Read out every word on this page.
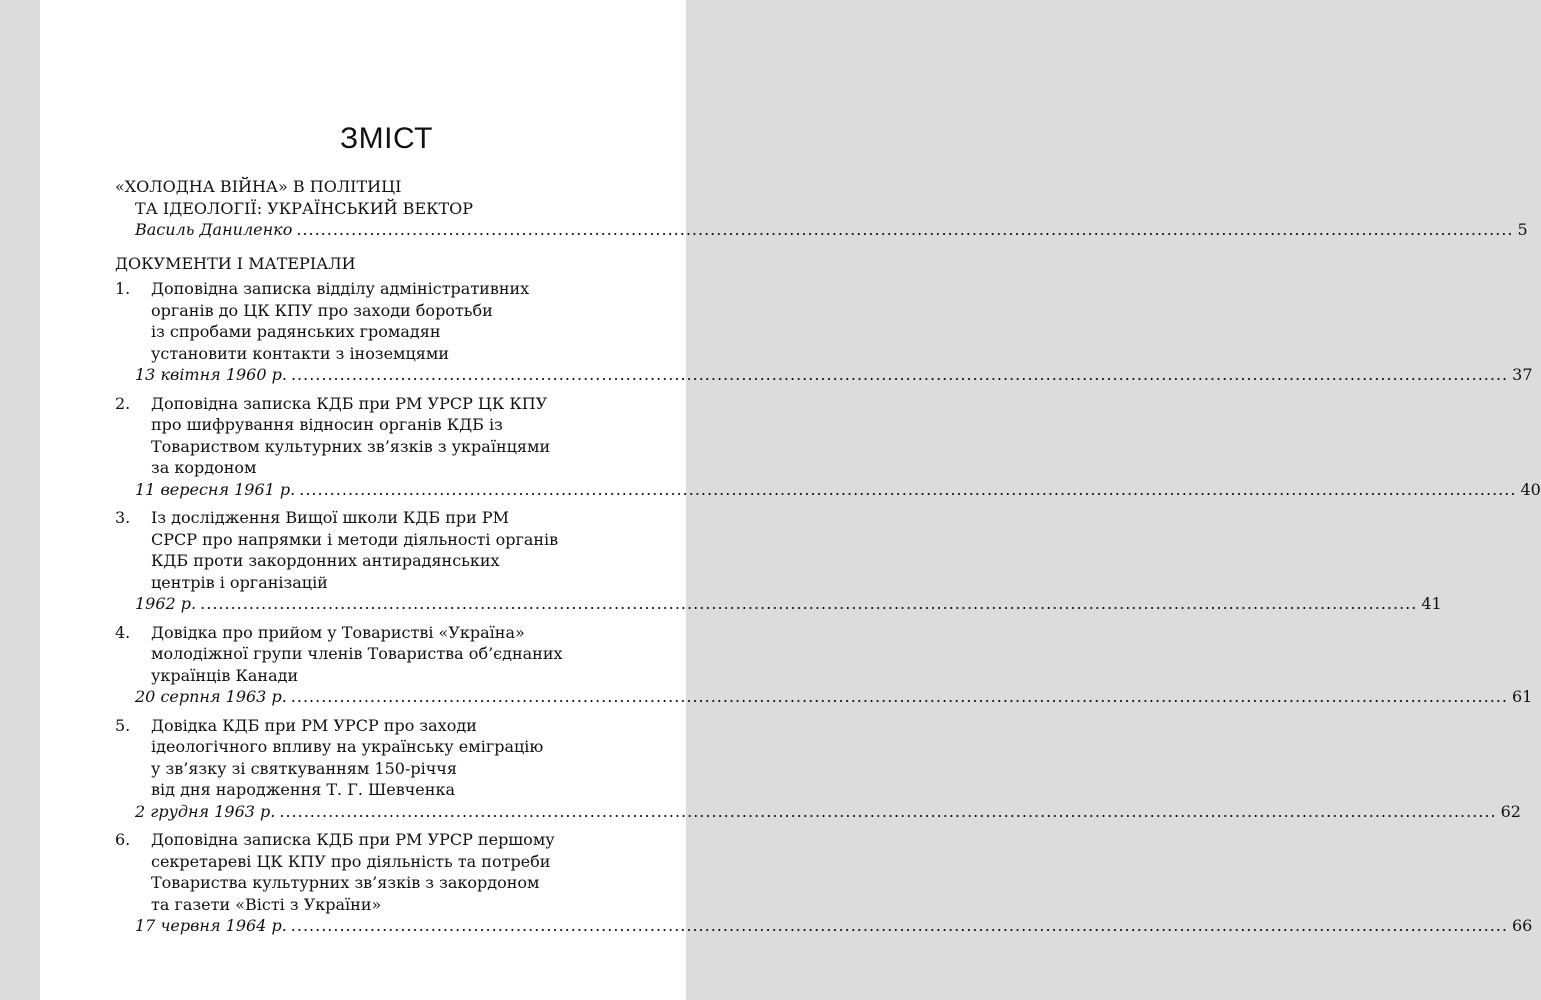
ЗМІСТ
«ХОЛОДНА ВІЙНА» В ПОЛІТИЦІ
ТА ІДЕОЛОГІЇ: УКРАЇНСЬКИЙ ВЕКТОР
Василь Даниленко ........................................................................................................................................................................................................ 5
ДОКУМЕНТИ І МАТЕРІАЛИ
1.	Доповідна записка відділу адміністративних
органів до ЦК КПУ про заходи боротьби
із спробами радянських громадян
установити контакти з іноземцями
13 квітня 1960 р. ........................................................................................................................................................................................................ 37
2.	Доповідна записка КДБ при РМ УРСР ЦК КПУ
про шифрування відносин органів КДБ із
Товариством культурних зв’язків з українцями
за кордоном
11 вересня 1961 р. ........................................................................................................................................................................................................ 40
3.	Із дослідження Вищої школи КДБ при РМ
СРСР про напрямки і методи діяльності органів
КДБ проти закордонних антирадянських
центрів і організацій
1962 р. ........................................................................................................................................................................................................ 41
4.	Довідка про прийом у Товаристві «Україна»
молодіжної групи членів Товариства об’єднаних
українців Канади
20 серпня 1963 р. ........................................................................................................................................................................................................ 61
5.	Довідка КДБ при РМ УРСР про заходи
ідеологічного впливу на українську еміграцію
у зв’язку зі святкуванням 150-річчя
від дня народження Т. Г. Шевченка
2 грудня 1963 р. ........................................................................................................................................................................................................ 62
6.	Доповідна записка КДБ при РМ УРСР першому
секретареві ЦК КПУ про діяльність та потреби
Товариства культурних зв’язків з закордоном
та газети «Вісті з України»
17 червня 1964 р. ........................................................................................................................................................................................................ 66
